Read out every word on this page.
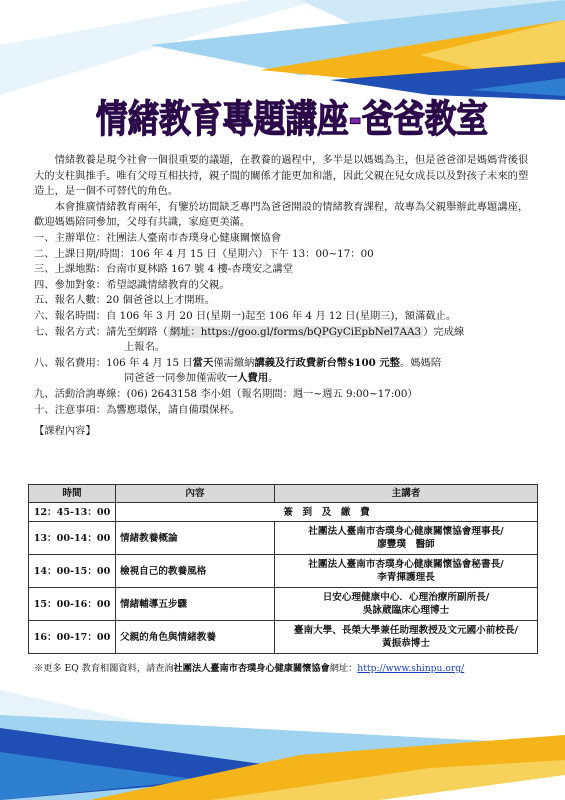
情緒教育專題講座-爸爸教室

情緒教養是現今社會一個很重要的議題，在教養的過程中，多半是以媽媽為主，但是爸爸卻是媽媽背後很大的支柱與推手。唯有父母互相扶持，親子間的關係才能更加和諧，因此父親在兒女成長以及對孩子未來的塑造上，是一個不可替代的角色。

本會推廣情緒教育兩年，有鑒於坊間缺乏專門為爸爸開設的情緒教育課程，故專為父親舉辦此專題講座，歡迎媽媽陪同參加，父母有共識，家庭更美滿。

一、主辦單位： 社團法人臺南市杏璞身心健康關懷協會
二、上課日期/時間： 106 年 4 月 15 日（星期六）下午 13：00~17：00
三、上課地點： 台南市夏林路 167 號 4 樓-杏璞安之講堂
四、參加對象： 希望認識情緒教育的父親。
五、報名人數： 20 個爸爸以上才開班。
六、報名時間： 自 106 年 3 月 20 日(星期一)起至 106 年 4 月 12 日(星期三)，額滿截止。
七、報名方式： 請先至網路（ 網址：https://goo.gl/forms/bQPGyCiEpbNel7AA3 ）完成線

上報名。

八、報名費用： 106 年 4 月 15 日當天僅需繳納講義及行政費新台幣$100 元整。媽媽陪

同爸爸一同參加僅需收一人費用。

九、活動洽詢專線： (06) 2643158 李小姐（報名期間：週一~週五 9:00~17:00）
十、注意事項： 為響應環保，請自備環保杯。

【課程內容】

時間	內容	主講者
12：45-13：00	簽　到　及　繳　費	
13：00-14：00	情緒教養概論	社團法人臺南市杏璞身心健康關懷協會理事長/
廖豐璞　醫師

14：00-15：00	檢視自己的教養風格	社團法人臺南市杏璞身心健康關懷協會秘書長/
李青揮護理長

15：00-16：00	情緒輔導五步驟	日安心理健康中心．心理治療所副所長/
吳詠葳臨床心理博士

16：00-17：00	父親的角色與情緒教養	臺南大學、長榮大學兼任助理教授及文元國小前校長/
黃振恭博士
※更多 EQ 教育相關資料，請查詢社團法人臺南市杏璞身心健康關懷協會網址：http://www.shinpu.org/
